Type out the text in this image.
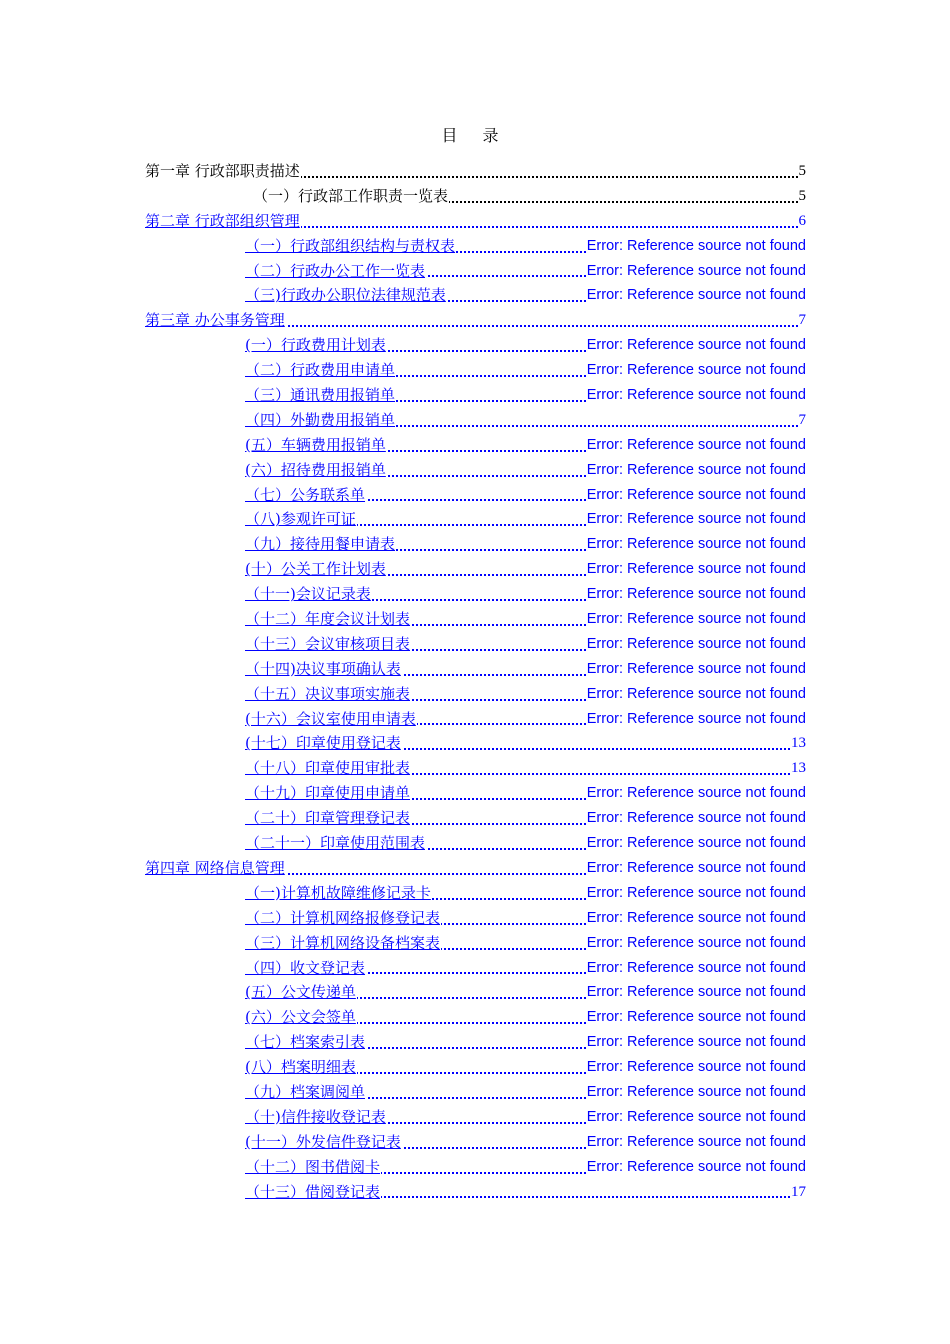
目 录
第一章 行政部职责描述	5
（一）行政部工作职责一览表	5
第二章 行政部组织管理	6
（一）行政部组织结构与责权表	Error: Reference source not found
（二）行政办公工作一览表	Error: Reference source not found
（三)行政办公职位法律规范表	Error: Reference source not found
第三章 办公事务管理	7
(一）行政费用计划表	Error: Reference source not found
（二）行政费用申请单	Error: Reference source not found
（三）通讯费用报销单	Error: Reference source not found
（四）外勤费用报销单	7
(五）车辆费用报销单	Error: Reference source not found
(六）招待费用报销单	Error: Reference source not found
（七）公务联系单	Error: Reference source not found
（八)参观许可证	Error: Reference source not found
（九）接待用餐申请表	Error: Reference source not found
(十）公关工作计划表	Error: Reference source not found
（十一)会议记录表	Error: Reference source not found
（十二）年度会议计划表	Error: Reference source not found
（十三）会议审核项目表	Error: Reference source not found
（十四)决议事项确认表	Error: Reference source not found
（十五）决议事项实施表	Error: Reference source not found
(十六）会议室使用申请表	Error: Reference source not found
(十七）印章使用登记表	13
（十八）印章使用审批表	13
（十九）印章使用申请单	Error: Reference source not found
（二十）印章管理登记表	Error: Reference source not found
（二十一）印章使用范围表	Error: Reference source not found
第四章 网络信息管理	Error: Reference source not found
（一)计算机故障维修记录卡	Error: Reference source not found
（二）计算机网络报修登记表	Error: Reference source not found
（三）计算机网络设备档案表	Error: Reference source not found
（四）收文登记表	Error: Reference source not found
(五）公文传递单	Error: Reference source not found
(六）公文会签单	Error: Reference source not found
（七）档案索引表	Error: Reference source not found
(八）档案明细表	Error: Reference source not found
（九）档案调阅单	Error: Reference source not found
（十)信件接收登记表	Error: Reference source not found
(十一）外发信件登记表	Error: Reference source not found
（十二）图书借阅卡	Error: Reference source not found
（十三）借阅登记表	17
